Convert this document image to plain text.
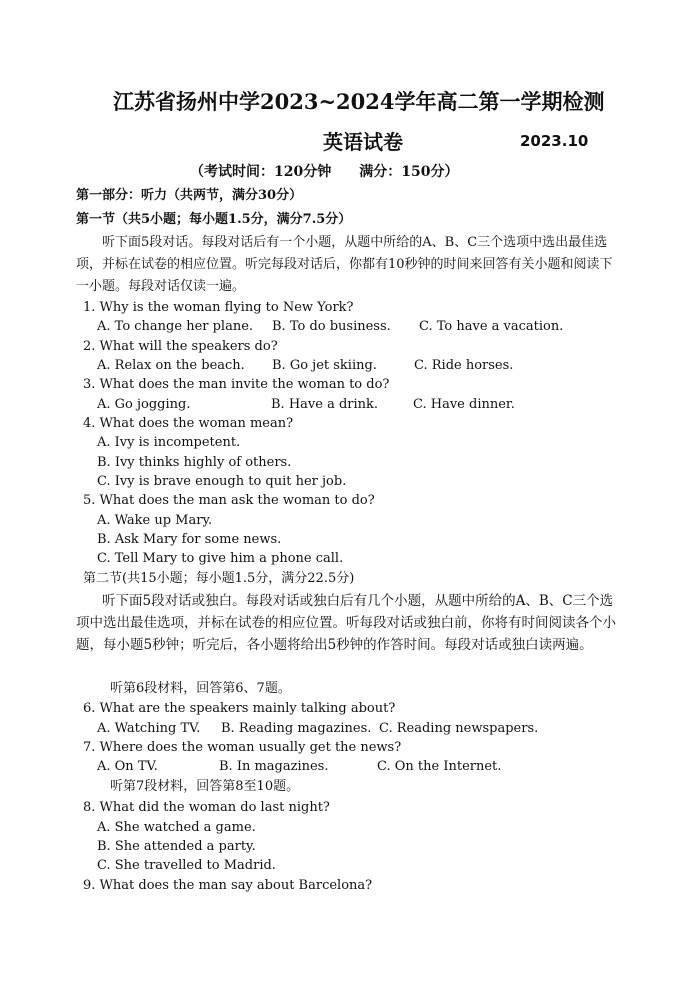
江苏省扬州中学2023~2024学年高二第一学期检测
英语试卷	2023.10
（考试时间：120分钟　　满分：150分）
第一部分：听力（共两节，满分30分）
第一节（共5小题；每小题1.5分，满分7.5分）
听下面5段对话。每段对话后有一个小题，从题中所给的A、B、C三个选项中选出最佳选项，并标在试卷的相应位置。听完每段对话后，你都有10秒钟的时间来回答有关小题和阅读下一小题。每段对话仅读一遍。
1. Why is the woman flying to New York?
A. To change her plane. B. To do business. C. To have a vacation.
2. What will the speakers do?
A. Relax on the beach. B. Go jet skiing.	C. Ride horses.
3. What does the man invite the woman to do?
A. Go jogging.	B. Have a drink.	C. Have dinner.
4. What does the woman mean?
A. Ivy is incompetent.
B. Ivy thinks highly of others.
C. Ivy is brave enough to quit her job.
5. What does the man ask the woman to do?
A. Wake up Mary.
B. Ask Mary for some news.
C. Tell Mary to give him a phone call.
第二节(共15小题；每小题1.5分，满分22.5分)
听下面5段对话或独白。每段对话或独白后有几个小题，从题中所给的A、B、C三个选项中选出最佳选项，并标在试卷的相应位置。听每段对话或独白前，你将有时间阅读各个小题，每小题5秒钟；听完后，各小题将给出5秒钟的作答时间。每段对话或独白读两遍。
听第6段材料，回答第6、7题。
6. What are the speakers mainly talking about?
A. Watching TV. B. Reading magazines. C. Reading newspapers.
7. Where does the woman usually get the news?
A. On TV.	B. In magazines.	C. On the Internet.
听第7段材料，回答第8至10题。
8. What did the woman do last night?
A. She watched a game.
B. She attended a party.
C. She travelled to Madrid.
9. What does the man say about Barcelona?
